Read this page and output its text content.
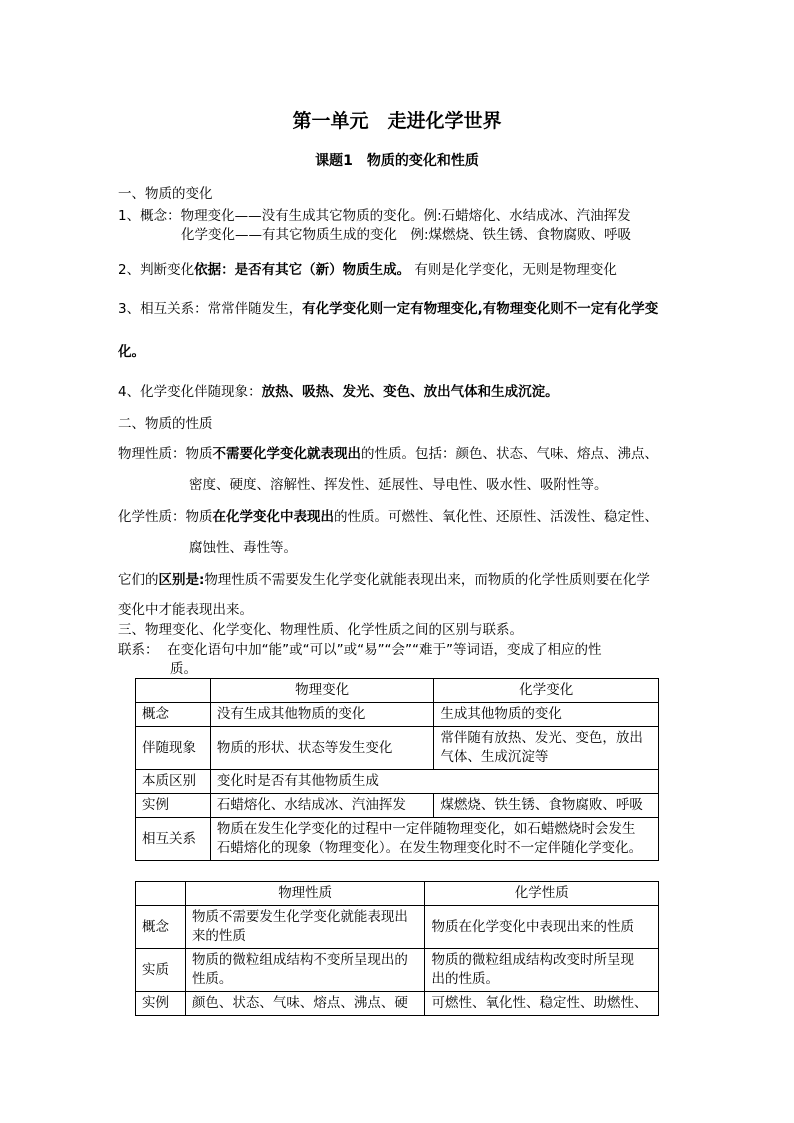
第一单元　走进化学世界
课题1　物质的变化和性质
一、物质的变化
1、概念：物理变化——没有生成其它物质的变化。例:石蜡熔化、水结成冰、汽油挥发
化学变化——有其它物质生成的变化　例:煤燃烧、铁生锈、食物腐败、呼吸
2、判断变化依据：是否有其它（新）物质生成。 有则是化学变化，无则是物理变化
3、相互关系：常常伴随发生，有化学变化则一定有物理变化,有物理变化则不一定有化学变
化。
4、化学变化伴随现象：放热、吸热、发光、变色、放出气体和生成沉淀。
二、物质的性质
物理性质：物质不需要化学变化就表现出的性质。包括：颜色、状态、气味、熔点、沸点、
密度、硬度、溶解性、挥发性、延展性、导电性、吸水性、吸附性等。
化学性质：物质在化学变化中表现出的性质。可燃性、氧化性、还原性、活泼性、稳定性、
腐蚀性、毒性等。
它们的区别是:物理性质不需要发生化学变化就能表现出来，而物质的化学性质则要在化学
变化中才能表现出来。
三、物理变化、化学变化、物理性质、化学性质之间的区别与联系。
联系： 在变化语句中加“能”或“可以”或“易”“会”“难于”等词语，变成了相应的性
质。
	物理变化	化学变化
概念	没有生成其他物质的变化	生成其他物质的变化
伴随现象	物质的形状、状态等发生变化	常伴随有放热、发光、变色，放出
气体、生成沉淀等
本质区别	变化时是否有其他物质生成	
实例	石蜡熔化、水结成冰、汽油挥发	煤燃烧、铁生锈、食物腐败、呼吸
相互关系	物质在发生化学变化的过程中一定伴随物理变化，如石蜡燃烧时会发生
石蜡熔化的现象（物理变化）。在发生物理变化时不一定伴随化学变化。	
	物理性质	化学性质
概念	物质不需要发生化学变化就能表现出
来的性质	物质在化学变化中表现出来的性质
实质	物质的微粒组成结构不变所呈现出的
性质。	物质的微粒组成结构改变时所呈现
出的性质。
实例	颜色、状态、气味、熔点、沸点、硬	可燃性、氧化性、稳定性、助燃性、
